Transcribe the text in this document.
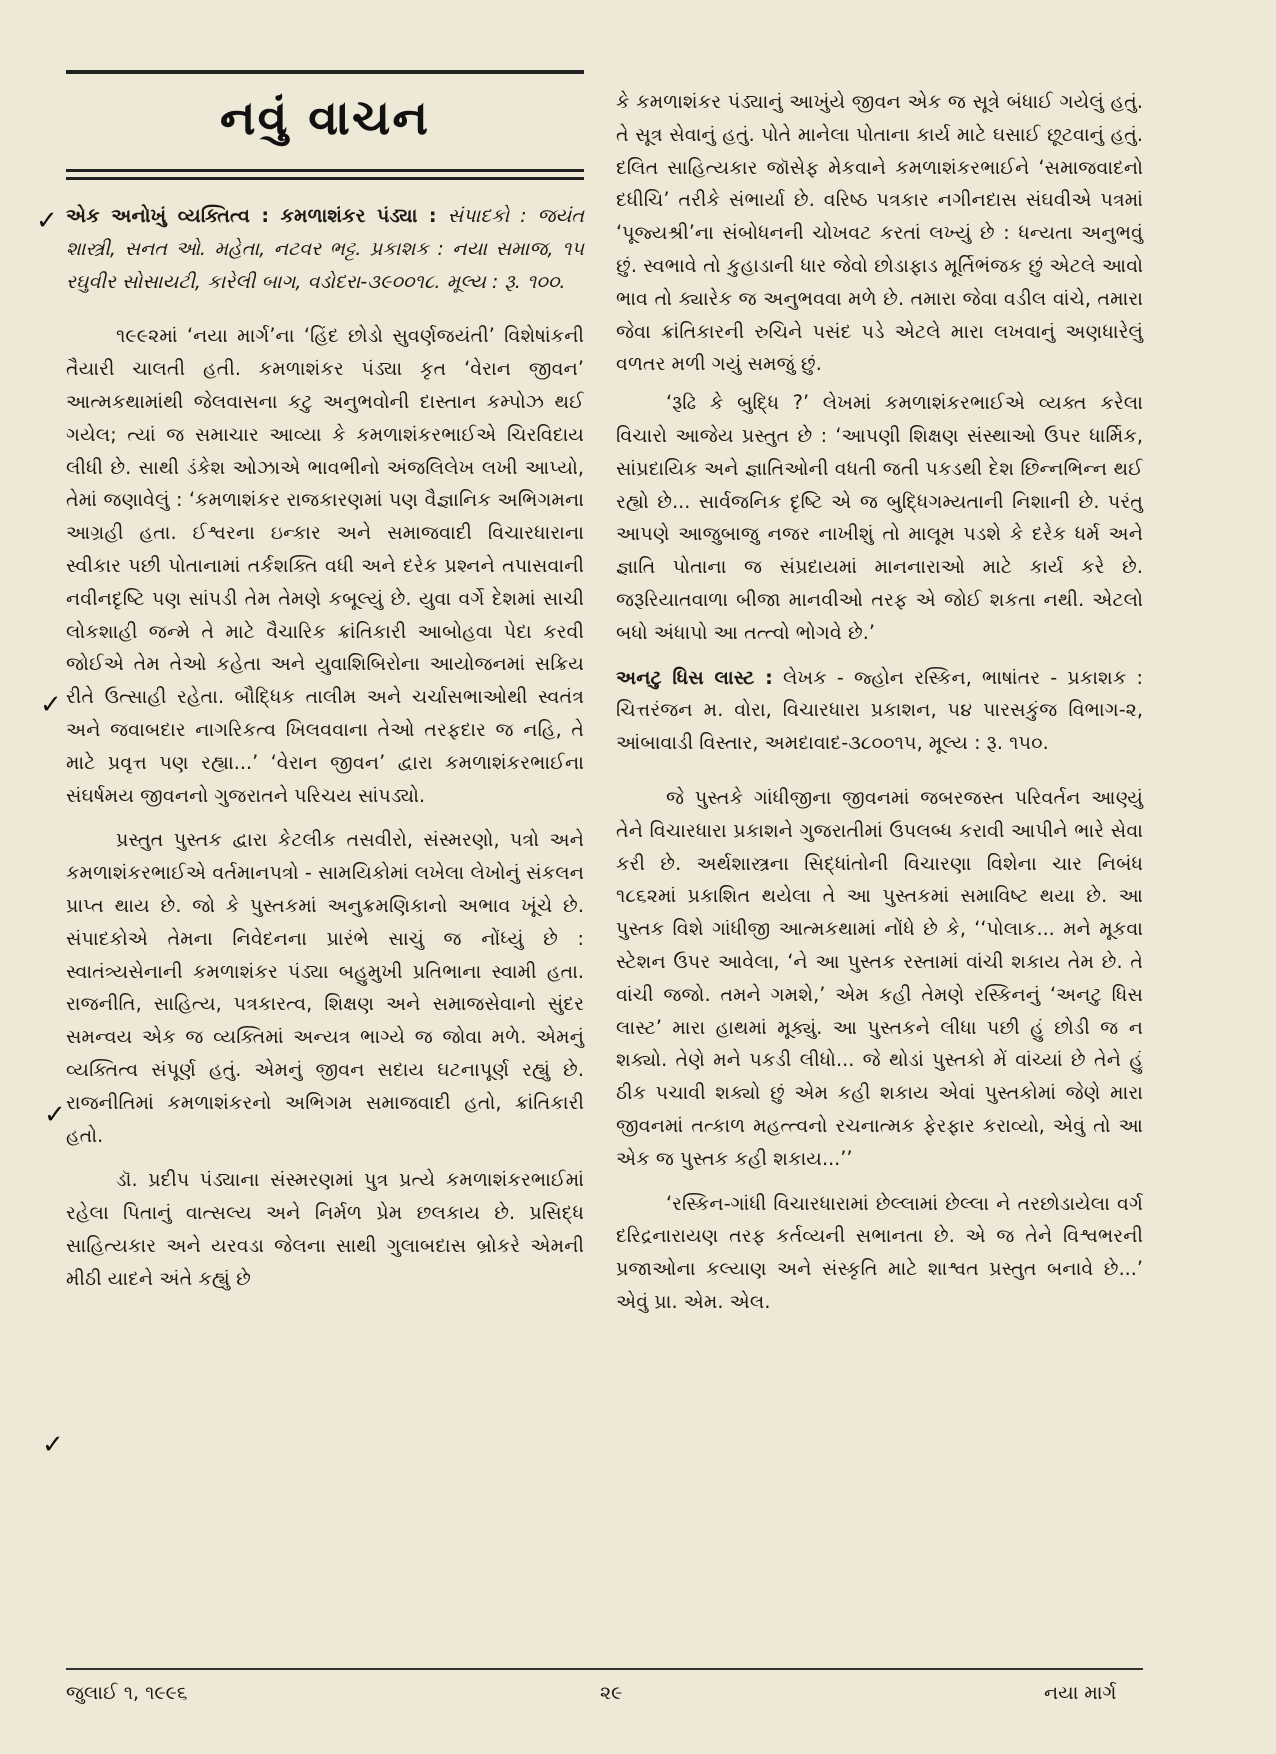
નવું વાચન
એક અનોખું વ્યક્તિત્વ : કમળાશંકર પંડ્યા : સંપાદકો : જયંત શાસ્ત્રી, સનત ઓ. મહેતા, નટવર ભટ્ટ. પ્રકાશક : નયા સમાજ, ૧૫ રઘુવીર સોસાયટી, કારેલી બાગ, વડોદરા-૩૯૦૦૧૮. મૂલ્ય : રૂ. ૧૦૦.

૧૯૯૨માં ‘નયા માર્ગ’ના ‘હિંદ છોડો સુવર્ણજયંતી’ વિશેષાંકની તૈયારી ચાલતી હતી. કમળાશંકર પંડ્યા કૃત ‘વેરાન જીવન’ આત્મકથામાંથી જેલવાસના કટુ અનુભવોની દાસ્તાન કમ્પોઝ થઈ ગયેલ; ત્યાં જ સમાચાર આવ્યા કે કમળાશંકરભાઈએ ચિરવિદાય લીધી છે. સાથી ડંકેશ ઓઝાએ ભાવભીનો અંજલિલેખ લખી આપ્યો, તેમાં જણાવેલું : ‘કમળાશંકર રાજકારણમાં પણ વૈજ્ઞાનિક અભિગમના આગ્રહી હતા. ઈશ્વરના ઇન્કાર અને સમાજવાદી વિચારધારાના સ્વીકાર પછી પોતાનામાં તર્કશક્તિ વધી અને દરેક પ્રશ્નને તપાસવાની નવીનદૃષ્ટિ પણ સાંપડી તેમ તેમણે કબૂલ્યું છે. યુવા વર્ગે દેશમાં સાચી લોકશાહી જન્મે તે માટે વૈચારિક ક્રાંતિકારી આબોહવા પેદા કરવી જોઈએ તેમ તેઓ કહેતા અને યુવાશિબિરોના આયોજનમાં સક્રિય રીતે ઉત્સાહી રહેતા. બૌદ્ધિક તાલીમ અને ચર્ચાસભાઓથી સ્વતંત્ર અને જવાબદાર નાગરિકત્વ ખિલવવાના તેઓ તરફદાર જ નહિ, તે માટે પ્રવૃત્ત પણ રહ્યા...’ ‘વેરાન જીવન’ દ્વારા કમળાશંકરભાઈના સંઘર્ષમય જીવનનો ગુજરાતને પરિચય સાંપડ્યો.

પ્રસ્તુત પુસ્તક દ્વારા કેટલીક તસવીરો, સંસ્મરણો, પત્રો અને કમળાશંકરભાઈએ વર્તમાનપત્રો - સામયિકોમાં લખેલા લેખોનું સંકલન પ્રાપ્ત થાય છે. જો કે પુસ્તકમાં અનુક્રમણિકાનો અભાવ ખૂંચે છે. સંપાદકોએ તેમના નિવેદનના પ્રારંભે સાચું જ નોંધ્યું છે : સ્વાતંત્ર્યસેનાની કમળાશંકર પંડ્યા બહુમુખી પ્રતિભાના સ્વામી હતા. રાજનીતિ, સાહિત્ય, પત્રકારત્વ, શિક્ષણ અને સમાજસેવાનો સુંદર સમન્વય એક જ વ્યક્તિમાં અન્યત્ર ભાગ્યે જ જોવા મળે. એમનું વ્યક્તિત્વ સંપૂર્ણ હતું. એમનું જીવન સદાય ઘટનાપૂર્ણ રહ્યું છે. રાજનીતિમાં કમળાશંકરનો અભિગમ સમાજવાદી હતો, ક્રાંતિકારી હતો.

ડૉ. પ્રદીપ પંડ્યાના સંસ્મરણમાં પુત્ર પ્રત્યે કમળાશંકરભાઈમાં રહેલા પિતાનું વાત્સલ્ય અને નિર્મળ પ્રેમ છલકાય છે. પ્રસિદ્ધ સાહિત્યકાર અને યરવડા જેલના સાથી ગુલાબદાસ બ્રોકરે એમની મીઠી યાદને અંતે કહ્યું છે

કે કમળાશંકર પંડ્યાનું આખુંયે જીવન એક જ સૂત્રે બંધાઈ ગયેલું હતું. તે સૂત્ર સેવાનું હતું. પોતે માનેલા પોતાના કાર્ય માટે ઘસાઈ છૂટવાનું હતું. દલિત સાહિત્યકાર જૉસેફ મેકવાને કમળાશંકરભાઈને ‘સમાજવાદનો દધીચિ’ તરીકે સંભાર્યા છે. વરિષ્ઠ પત્રકાર નગીનદાસ સંઘવીએ પત્રમાં ‘પૂજ્યશ્રી’ના સંબોધનની ચોખવટ કરતાં લખ્યું છે : ધન્યતા અનુભવું છું. સ્વભાવે તો કુહાડાની ધાર જેવો છોડાફાડ મૂર્તિભંજક છું એટલે આવો ભાવ તો ક્યારેક જ અનુભવવા મળે છે. તમારા જેવા વડીલ વાંચે, તમારા જેવા ક્રાંતિકારની રુચિને પસંદ પડે એટલે મારા લખવાનું અણધારેલું વળતર મળી ગયું સમજું છું.

‘રૂઢિ કે બુદ્ધિ ?’ લેખમાં કમળાશંકરભાઈએ વ્યક્ત કરેલા વિચારો આજેય પ્રસ્તુત છે : ‘આપણી શિક્ષણ સંસ્થાઓ ઉપર ધાર્મિક, સાંપ્રદાયિક અને જ્ઞાતિઓની વધતી જતી પકડથી દેશ છિન્નભિન્ન થઈ રહ્યો છે... સાર્વજનિક દૃષ્ટિ એ જ બુદ્ધિગમ્યતાની નિશાની છે. પરંતુ આપણે આજુબાજુ નજર નાખીશું તો માલૂમ પડશે કે દરેક ધર્મ અને જ્ઞાતિ પોતાના જ સંપ્રદાયમાં માનનારાઓ માટે કાર્ય કરે છે. જરૂરિયાતવાળા બીજા માનવીઓ તરફ એ જોઈ શકતા નથી. એટલો બધો અંધાપો આ તત્ત્વો ભોગવે છે.’

અનટુ ધિસ લાસ્ટ : લેખક - જ્હોન રસ્કિન, ભાષાંતર - પ્રકાશક : ચિત્તરંજન મ. વોરા, વિચારધારા પ્રકાશન, ૫૪ પારસકુંજ વિભાગ-૨, આંબાવાડી વિસ્તાર, અમદાવાદ-૩૮૦૦૧૫, મૂલ્ય : રૂ. ૧૫૦.

જે પુસ્તકે ગાંધીજીના જીવનમાં જબરજસ્ત પરિવર્તન આણ્યું તેને વિચારધારા પ્રકાશને ગુજરાતીમાં ઉપલબ્ધ કરાવી આપીને ભારે સેવા કરી છે. અર્થશાસ્ત્રના સિદ્ધાંતોની વિચારણા વિશેના ચાર નિબંધ ૧૮૬૨માં પ્રકાશિત થયેલા તે આ પુસ્તકમાં સમાવિષ્ટ થયા છે. આ પુસ્તક વિશે ગાંધીજી આત્મકથામાં નોંધે છે કે, ‘‘પોલાક... મને મૂકવા સ્ટેશન ઉપર આવેલા, ‘ને આ પુસ્તક રસ્તામાં વાંચી શકાય તેમ છે. તે વાંચી જજો. તમને ગમશે,’ એમ કહી તેમણે રસ્કિનનું ‘અનટુ ધિસ લાસ્ટ’ મારા હાથમાં મૂક્યું. આ પુસ્તકને લીધા પછી હું છોડી જ ન શક્યો. તેણે મને પકડી લીધો... જે થોડાં પુસ્તકો મેં વાંચ્યાં છે તેને હું ઠીક પચાવી શક્યો છું એમ કહી શકાય એવાં પુસ્તકોમાં જેણે મારા જીવનમાં તત્કાળ મહત્ત્વનો રચનાત્મક ફેરફાર કરાવ્યો, એવું તો આ એક જ પુસ્તક કહી શકાય...’’

‘રસ્કિન-ગાંધી વિચારધારામાં છેલ્લામાં છેલ્લા ને તરછોડાયેલા વર્ગ દરિદ્રનારાયણ તરફ કર્તવ્યની સભાનતા છે. એ જ તેને વિશ્વભરની પ્રજાઓના કલ્યાણ અને સંસ્કૃતિ માટે શાશ્વત પ્રસ્તુત બનાવે છે...’ એવું પ્રા. એમ. એલ.

✓
✓
✓
✓
જુલાઈ ૧, ૧૯૯૬	૨૯	નયા માર્ગ
